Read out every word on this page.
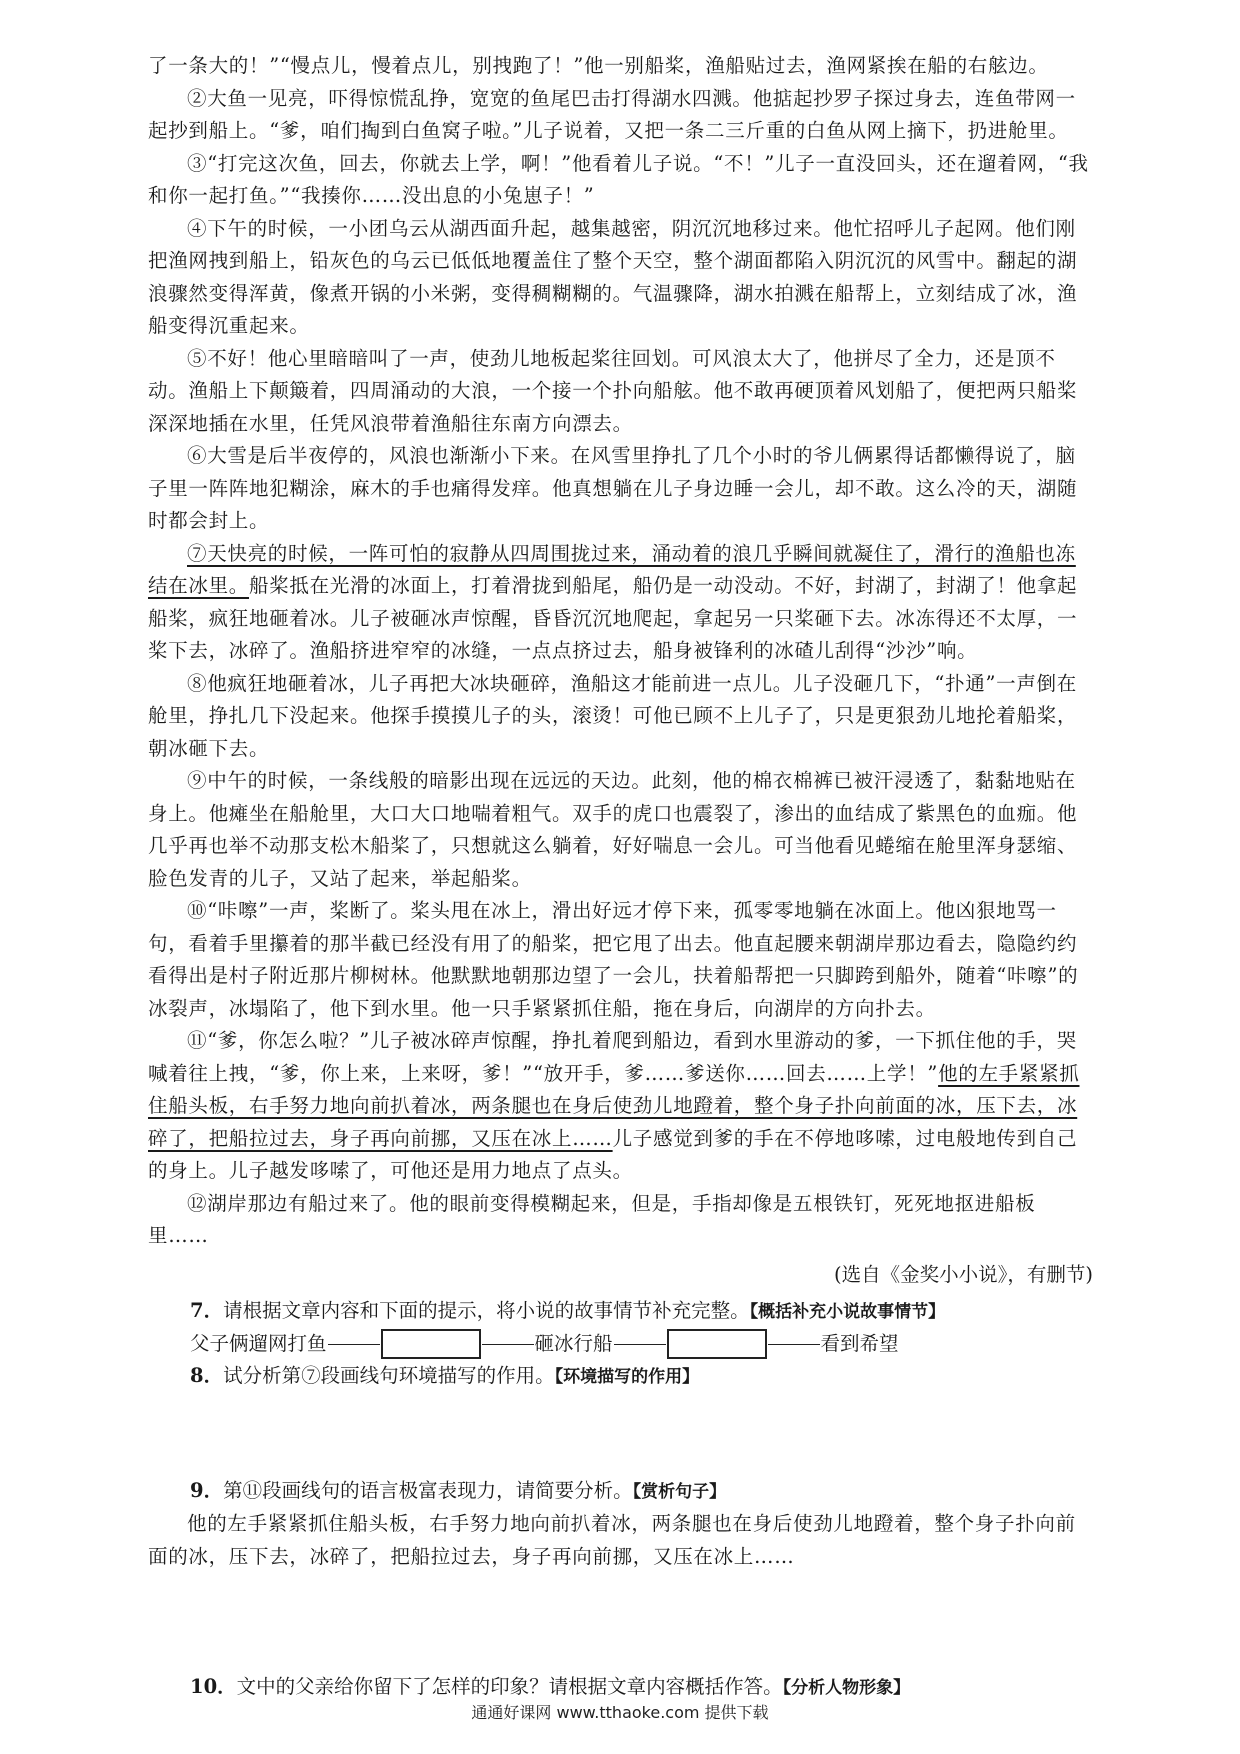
了一条大的！”“慢点儿，慢着点儿，别拽跑了！”他一别船桨，渔船贴过去，渔网紧挨在船的右舷边。

②大鱼一见亮，吓得惊慌乱挣，宽宽的鱼尾巴击打得湖水四溅。他掂起抄罗子探过身去，连鱼带网一起抄到船上。“爹，咱们掏到白鱼窝子啦。”儿子说着，又把一条二三斤重的白鱼从网上摘下，扔进舱里。

③“打完这次鱼，回去，你就去上学，啊！”他看着儿子说。“不！”儿子一直没回头，还在遛着网，“我和你一起打鱼。”“我揍你……没出息的小兔崽子！”

④下午的时候，一小团乌云从湖西面升起，越集越密，阴沉沉地移过来。他忙招呼儿子起网。他们刚把渔网拽到船上，铅灰色的乌云已低低地覆盖住了整个天空，整个湖面都陷入阴沉沉的风雪中。翻起的湖浪骤然变得浑黄，像煮开锅的小米粥，变得稠糊糊的。气温骤降，湖水拍溅在船帮上，立刻结成了冰，渔船变得沉重起来。

⑤不好！他心里暗暗叫了一声，使劲儿地板起桨往回划。可风浪太大了，他拼尽了全力，还是顶不动。渔船上下颠簸着，四周涌动的大浪，一个接一个扑向船舷。他不敢再硬顶着风划船了，便把两只船桨深深地插在水里，任凭风浪带着渔船往东南方向漂去。

⑥大雪是后半夜停的，风浪也渐渐小下来。在风雪里挣扎了几个小时的爷儿俩累得话都懒得说了，脑子里一阵阵地犯糊涂，麻木的手也痛得发痒。他真想躺在儿子身边睡一会儿，却不敢。这么冷的天，湖随时都会封上。

⑦天快亮的时候，一阵可怕的寂静从四周围拢过来，涌动着的浪几乎瞬间就凝住了，滑行的渔船也冻结在冰里。船桨抵在光滑的冰面上，打着滑拢到船尾，船仍是一动没动。不好，封湖了，封湖了！他拿起船桨，疯狂地砸着冰。儿子被砸冰声惊醒，昏昏沉沉地爬起，拿起另一只桨砸下去。冰冻得还不太厚，一桨下去，冰碎了。渔船挤进窄窄的冰缝，一点点挤过去，船身被锋利的冰碴儿刮得“沙沙”响。

⑧他疯狂地砸着冰，儿子再把大冰块砸碎，渔船这才能前进一点儿。儿子没砸几下，“扑通”一声倒在舱里，挣扎几下没起来。他探手摸摸儿子的头，滚烫！可他已顾不上儿子了，只是更狠劲儿地抡着船桨，朝冰砸下去。

⑨中午的时候，一条线般的暗影出现在远远的天边。此刻，他的棉衣棉裤已被汗浸透了，黏黏地贴在身上。他瘫坐在船舱里，大口大口地喘着粗气。双手的虎口也震裂了，渗出的血结成了紫黑色的血痂。他几乎再也举不动那支松木船桨了，只想就这么躺着，好好喘息一会儿。可当他看见蜷缩在舱里浑身瑟缩、脸色发青的儿子，又站了起来，举起船桨。

⑩“咔嚓”一声，桨断了。桨头甩在冰上，滑出好远才停下来，孤零零地躺在冰面上。他凶狠地骂一句，看着手里攥着的那半截已经没有用了的船桨，把它甩了出去。他直起腰来朝湖岸那边看去，隐隐约约看得出是村子附近那片柳树林。他默默地朝那边望了一会儿，扶着船帮把一只脚跨到船外，随着“咔嚓”的冰裂声，冰塌陷了，他下到水里。他一只手紧紧抓住船，拖在身后，向湖岸的方向扑去。

⑪“爹，你怎么啦？”儿子被冰碎声惊醒，挣扎着爬到船边，看到水里游动的爹，一下抓住他的手，哭喊着往上拽，“爹，你上来，上来呀，爹！”“放开手，爹……爹送你……回去……上学！”他的左手紧紧抓住船头板，右手努力地向前扒着冰，两条腿也在身后使劲儿地蹬着，整个身子扑向前面的冰，压下去，冰碎了，把船拉过去，身子再向前挪，又压在冰上……儿子感觉到爹的手在不停地哆嗦，过电般地传到自己的身上。儿子越发哆嗦了，可他还是用力地点了点头。

⑫湖岸那边有船过来了。他的眼前变得模糊起来，但是，手指却像是五根铁钉，死死地抠进船板里……

(选自《金奖小小说》，有删节)

7．请根据文章内容和下面的提示，将小说的故事情节补充完整。【概括补充小说故事情节】

父子俩遛网打鱼	砸冰行船	看到希望

8．试分析第⑦段画线句环境描写的作用。【环境描写的作用】

9．第⑪段画线句的语言极富表现力，请简要分析。【赏析句子】

他的左手紧紧抓住船头板，右手努力地向前扒着冰，两条腿也在身后使劲儿地蹬着，整个身子扑向前面的冰，压下去，冰碎了，把船拉过去，身子再向前挪，又压在冰上……

10．文中的父亲给你留下了怎样的印象？请根据文章内容概括作答。【分析人物形象】

通通好课网 www.tthaoke.com 提供下载
